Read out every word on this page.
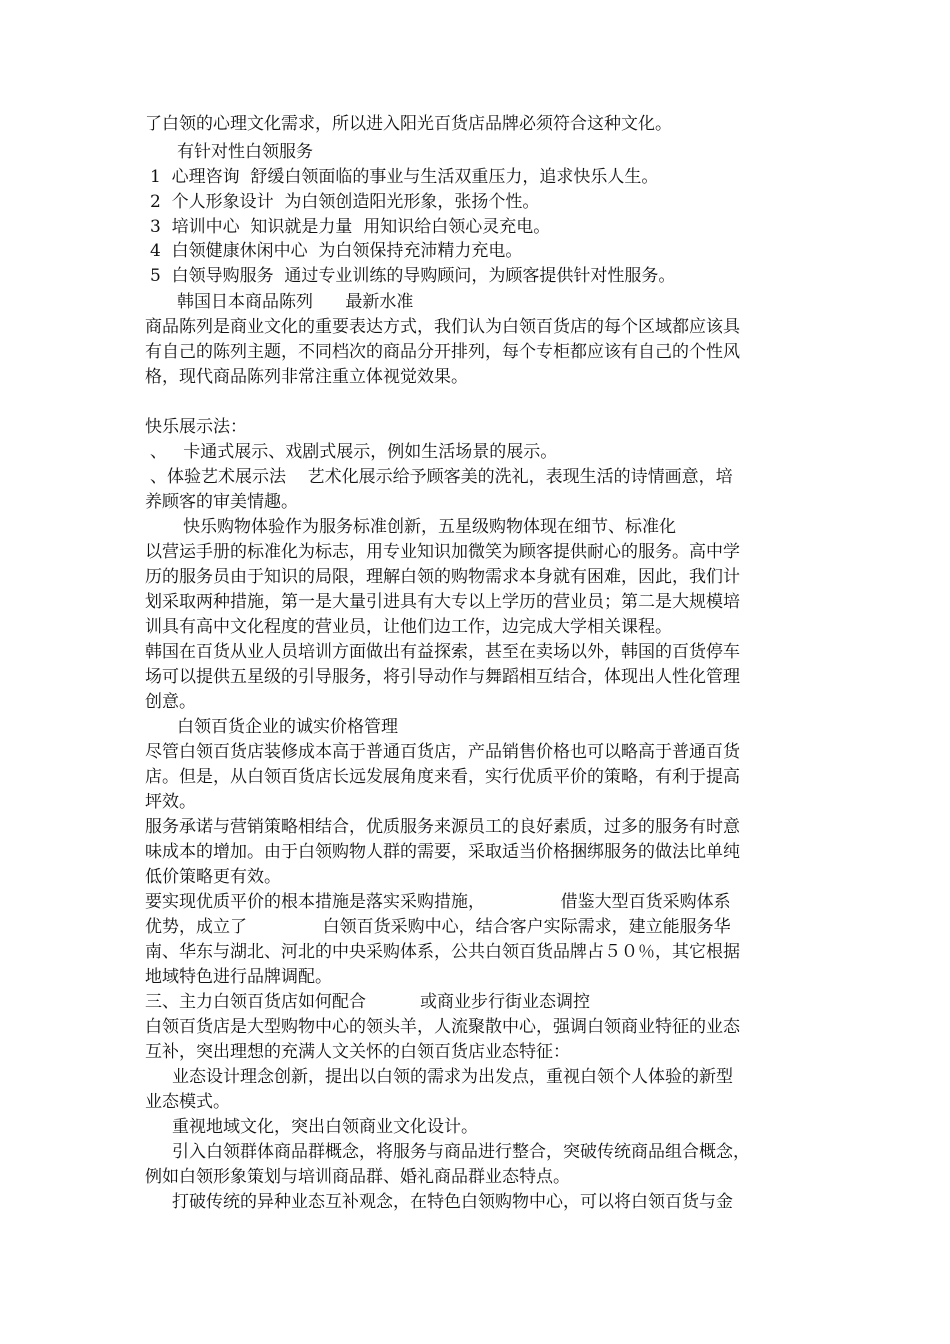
了白领的心理文化需求，所以进入阳光百货店品牌必须符合这种文化。
有针对性白领服务
1  心理咨询  舒缓白领面临的事业与生活双重压力，追求快乐人生。
2  个人形象设计  为白领创造阳光形象，张扬个性。
3  培训中心  知识就是力量  用知识给白领心灵充电。
4  白领健康休闲中心  为白领保持充沛精力充电。
5  白领导购服务  通过专业训练的导购顾问，为顾客提供针对性服务。
韩国日本商品陈列      最新水准
商品陈列是商业文化的重要表达方式，我们认为白领百货店的每个区域都应该具
有自己的陈列主题，不同档次的商品分开排列，每个专柜都应该有自己的个性风
格，现代商品陈列非常注重立体视觉效果。
快乐展示法：
、   卡通式展示、戏剧式展示，例如生活场景的展示。
、体验艺术展示法    艺术化展示给予顾客美的洗礼，表现生活的诗情画意，培
养顾客的审美情趣。
快乐购物体验作为服务标准创新，五星级购物体现在细节、标准化
以营运手册的标准化为标志，用专业知识加微笑为顾客提供耐心的服务。高中学
历的服务员由于知识的局限，理解白领的购物需求本身就有困难，因此，我们计
划采取两种措施，第一是大量引进具有大专以上学历的营业员；第二是大规模培
训具有高中文化程度的营业员，让他们边工作，边完成大学相关课程。
韩国在百货从业人员培训方面做出有益探索，甚至在卖场以外，韩国的百货停车
场可以提供五星级的引导服务，将引导动作与舞蹈相互结合，体现出人性化管理
创意。
白领百货企业的诚实价格管理
尽管白领百货店装修成本高于普通百货店，产品销售价格也可以略高于普通百货
店。但是，从白领百货店长远发展角度来看，实行优质平价的策略，有利于提高
坪效。
服务承诺与营销策略相结合，优质服务来源员工的良好素质，过多的服务有时意
味成本的增加。由于白领购物人群的需要，采取适当价格捆绑服务的做法比单纯
低价策略更有效。
要实现优质平价的根本措施是落实采购措施，              借鉴大型百货采购体系
优势，成立了              白领百货采购中心，结合客户实际需求，建立能服务华
南、华东与湖北、河北的中央采购体系，公共白领百货品牌占５０％，其它根据
地域特色进行品牌调配。
三、主力白领百货店如何配合          或商业步行街业态调控
白领百货店是大型购物中心的领头羊，人流聚散中心，强调白领商业特征的业态
互补，突出理想的充满人文关怀的白领百货店业态特征：
业态设计理念创新，提出以白领的需求为出发点，重视白领个人体验的新型
业态模式。
重视地域文化，突出白领商业文化设计。
引入白领群体商品群概念，将服务与商品进行整合，突破传统商品组合概念，
例如白领形象策划与培训商品群、婚礼商品群业态特点。
打破传统的异种业态互补观念，在特色白领购物中心，可以将白领百货与金
